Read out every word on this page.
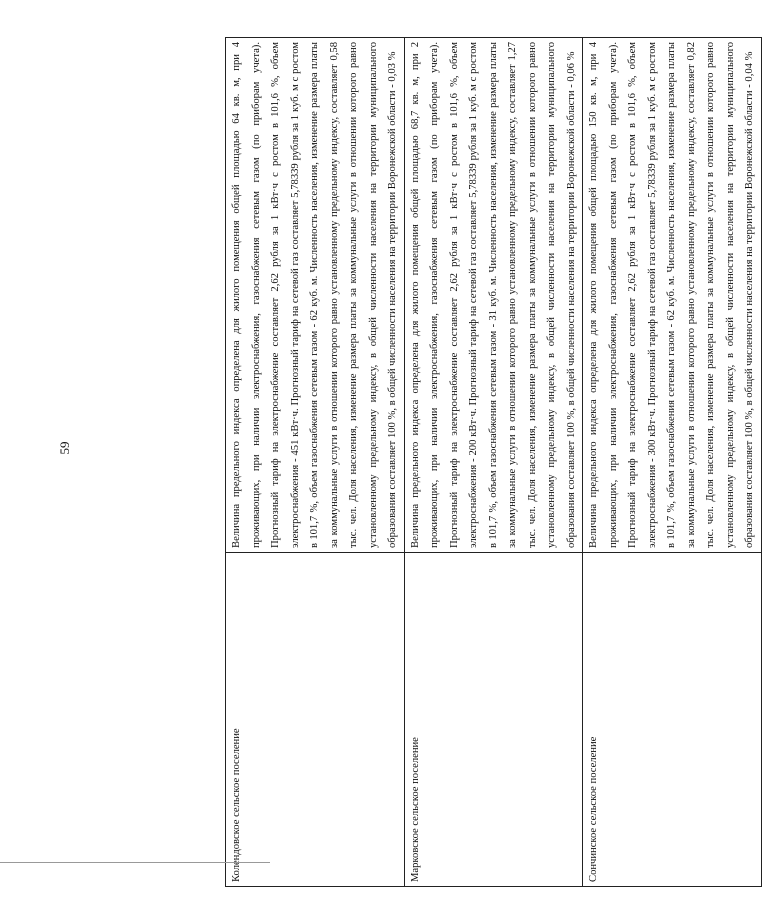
59
Колендовское сельское поселение	Величина предельного индекса определена для жилого помещения общей площадью 64 кв. м, при 4 проживающих, при наличии электроснабжения, газоснабжения сетевым газом (по приборам учета). Прогнозный тариф на электроснабжение составляет 2,62 рубля за 1 кВт·ч с ростом в 101,6 %, объем электроснабжения - 451 кВт·ч. Прогнозный тариф на сетевой газ составляет 5,78339 рубля за 1 куб. м с ростом в 101,7 %, объем газоснабжения сетевым газом - 62 куб. м. Численность населения, изменение размера платы за коммунальные услуги в отношении которого равно установленному предельному индексу, составляет 0,58 тыс. чел. Доля населения, изменение размера платы за коммунальные услуги в отношении которого равно установленному предельному индексу, в общей численности населения на территории муниципального образования составляет 100 %, в общей численности населения на территории Воронежской области - 0,03 %
Марковское сельское поселение	Величина предельного индекса определена для жилого помещения общей площадью 68,7 кв. м, при 2 проживающих, при наличии электроснабжения, газоснабжения сетевым газом (по приборам учета). Прогнозный тариф на электроснабжение составляет 2,62 рубля за 1 кВт·ч с ростом в 101,6 %, объем электроснабжения - 200 кВт·ч. Прогнозный тариф на сетевой газ составляет 5,78339 рубля за 1 куб. м с ростом в 101,7 %, объем газоснабжения сетевым газом - 31 куб. м. Численность населения, изменение размера платы за коммунальные услуги в отношении которого равно установленному предельному индексу, составляет 1,27 тыс. чел. Доля населения, изменение размера платы за коммунальные услуги в отношении которого равно установленному предельному индексу, в общей численности населения на территории муниципального образования составляет 100 %, в общей численности населения на территории Воронежской области - 0,06 %
Сончинское сельское поселение	Величина предельного индекса определена для жилого помещения общей площадью 150 кв. м, при 4 проживающих, при наличии электроснабжения, газоснабжения сетевым газом (по приборам учета). Прогнозный тариф на электроснабжение составляет 2,62 рубля за 1 кВт·ч с ростом в 101,6 %, объем электроснабжения - 300 кВт·ч. Прогнозный тариф на сетевой газ составляет 5,78339 рубля за 1 куб. м с ростом в 101,7 %, объем газоснабжения сетевым газом - 62 куб. м. Численность населения, изменение размера платы за коммунальные услуги в отношении которого равно установленному предельному индексу, составляет 0,82 тыс. чел. Доля населения, изменение размера платы за коммунальные услуги в отношении которого равно установленному предельному индексу, в общей численности населения на территории муниципального образования составляет 100 %, в общей численности населения на территории Воронежской области - 0,04 %
